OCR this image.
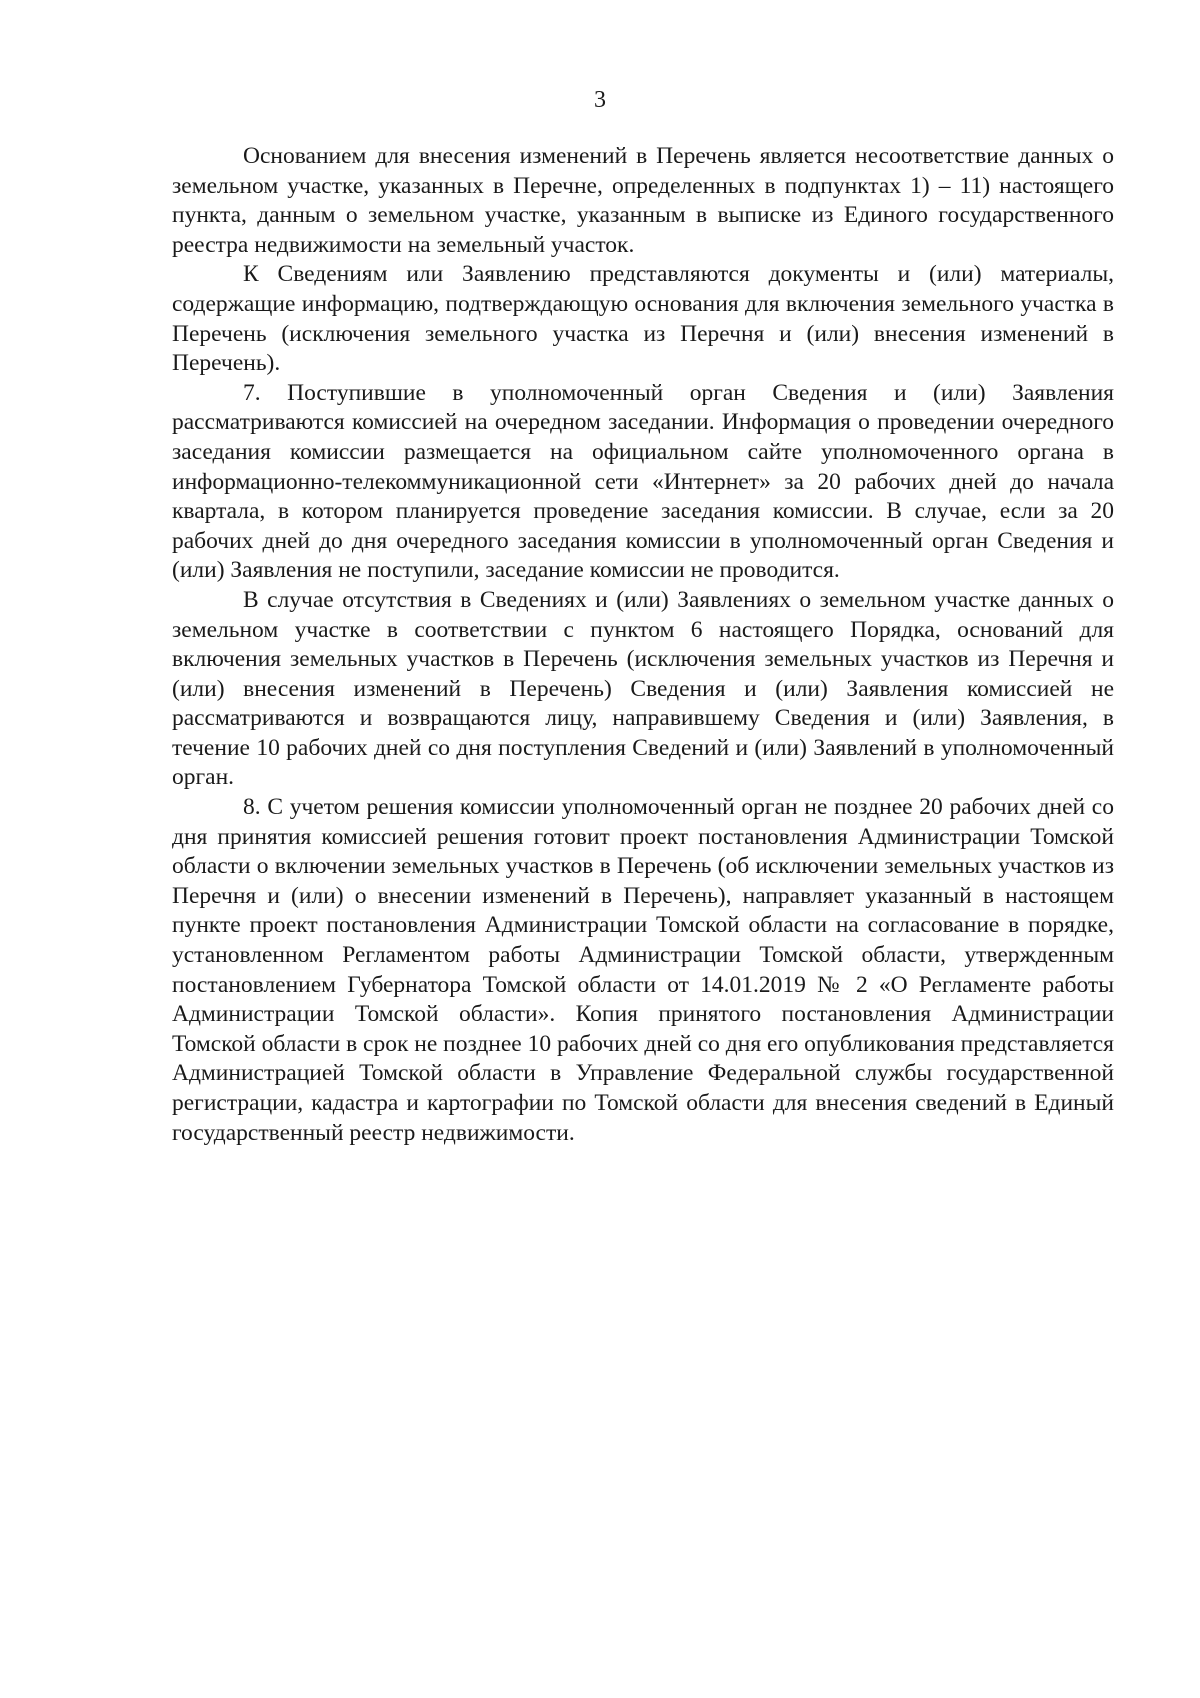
3

Основанием для внесения изменений в Перечень является несоответствие данных о земельном участке, указанных в Перечне, определенных в подпунктах 1) – 11) настоящего пункта, данным о земельном участке, указанным в выписке из Единого государственного реестра недвижимости на земельный участок.

К Сведениям или Заявлению представляются документы и (или) материалы, содержащие информацию, подтверждающую основания для включения земельного участка в Перечень (исключения земельного участка из Перечня и (или) внесения изменений в Перечень).

7. Поступившие в уполномоченный орган Сведения и (или) Заявления рассматриваются комиссией на очередном заседании. Информация о проведении очередного заседания комиссии размещается на официальном сайте уполномоченного органа в информационно-телекоммуникационной сети «Интернет» за 20 рабочих дней до начала квартала, в котором планируется проведение заседания комиссии. В случае, если за 20 рабочих дней до дня очередного заседания комиссии в уполномоченный орган Сведения и (или) Заявления не поступили, заседание комиссии не проводится.

В случае отсутствия в Сведениях и (или) Заявлениях о земельном участке данных о земельном участке в соответствии с пунктом 6 настоящего Порядка, оснований для включения земельных участков в Перечень (исключения земельных участков из Перечня и (или) внесения изменений в Перечень) Сведения и (или) Заявления комиссией не рассматриваются и возвращаются лицу, направившему Сведения и (или) Заявления, в течение 10 рабочих дней со дня поступления Сведений и (или) Заявлений в уполномоченный орган.

8. С учетом решения комиссии уполномоченный орган не позднее 20 рабочих дней со дня принятия комиссией решения готовит проект постановления Администрации Томской области о включении земельных участков в Перечень (об исключении земельных участков из Перечня и (или) о внесении изменений в Перечень), направляет указанный в настоящем пункте проект постановления Администрации Томской области на согласование в порядке, установленном Регламентом работы Администрации Томской области, утвержденным постановлением Губернатора Томской области от 14.01.2019 № 2 «О Регламенте работы Администрации Томской области». Копия принятого постановления Администрации Томской области в срок не позднее 10 рабочих дней со дня его опубликования представляется Администрацией Томской области в Управление Федеральной службы государственной регистрации, кадастра и картографии по Томской области для внесения сведений в Единый государственный реестр недвижимости.
